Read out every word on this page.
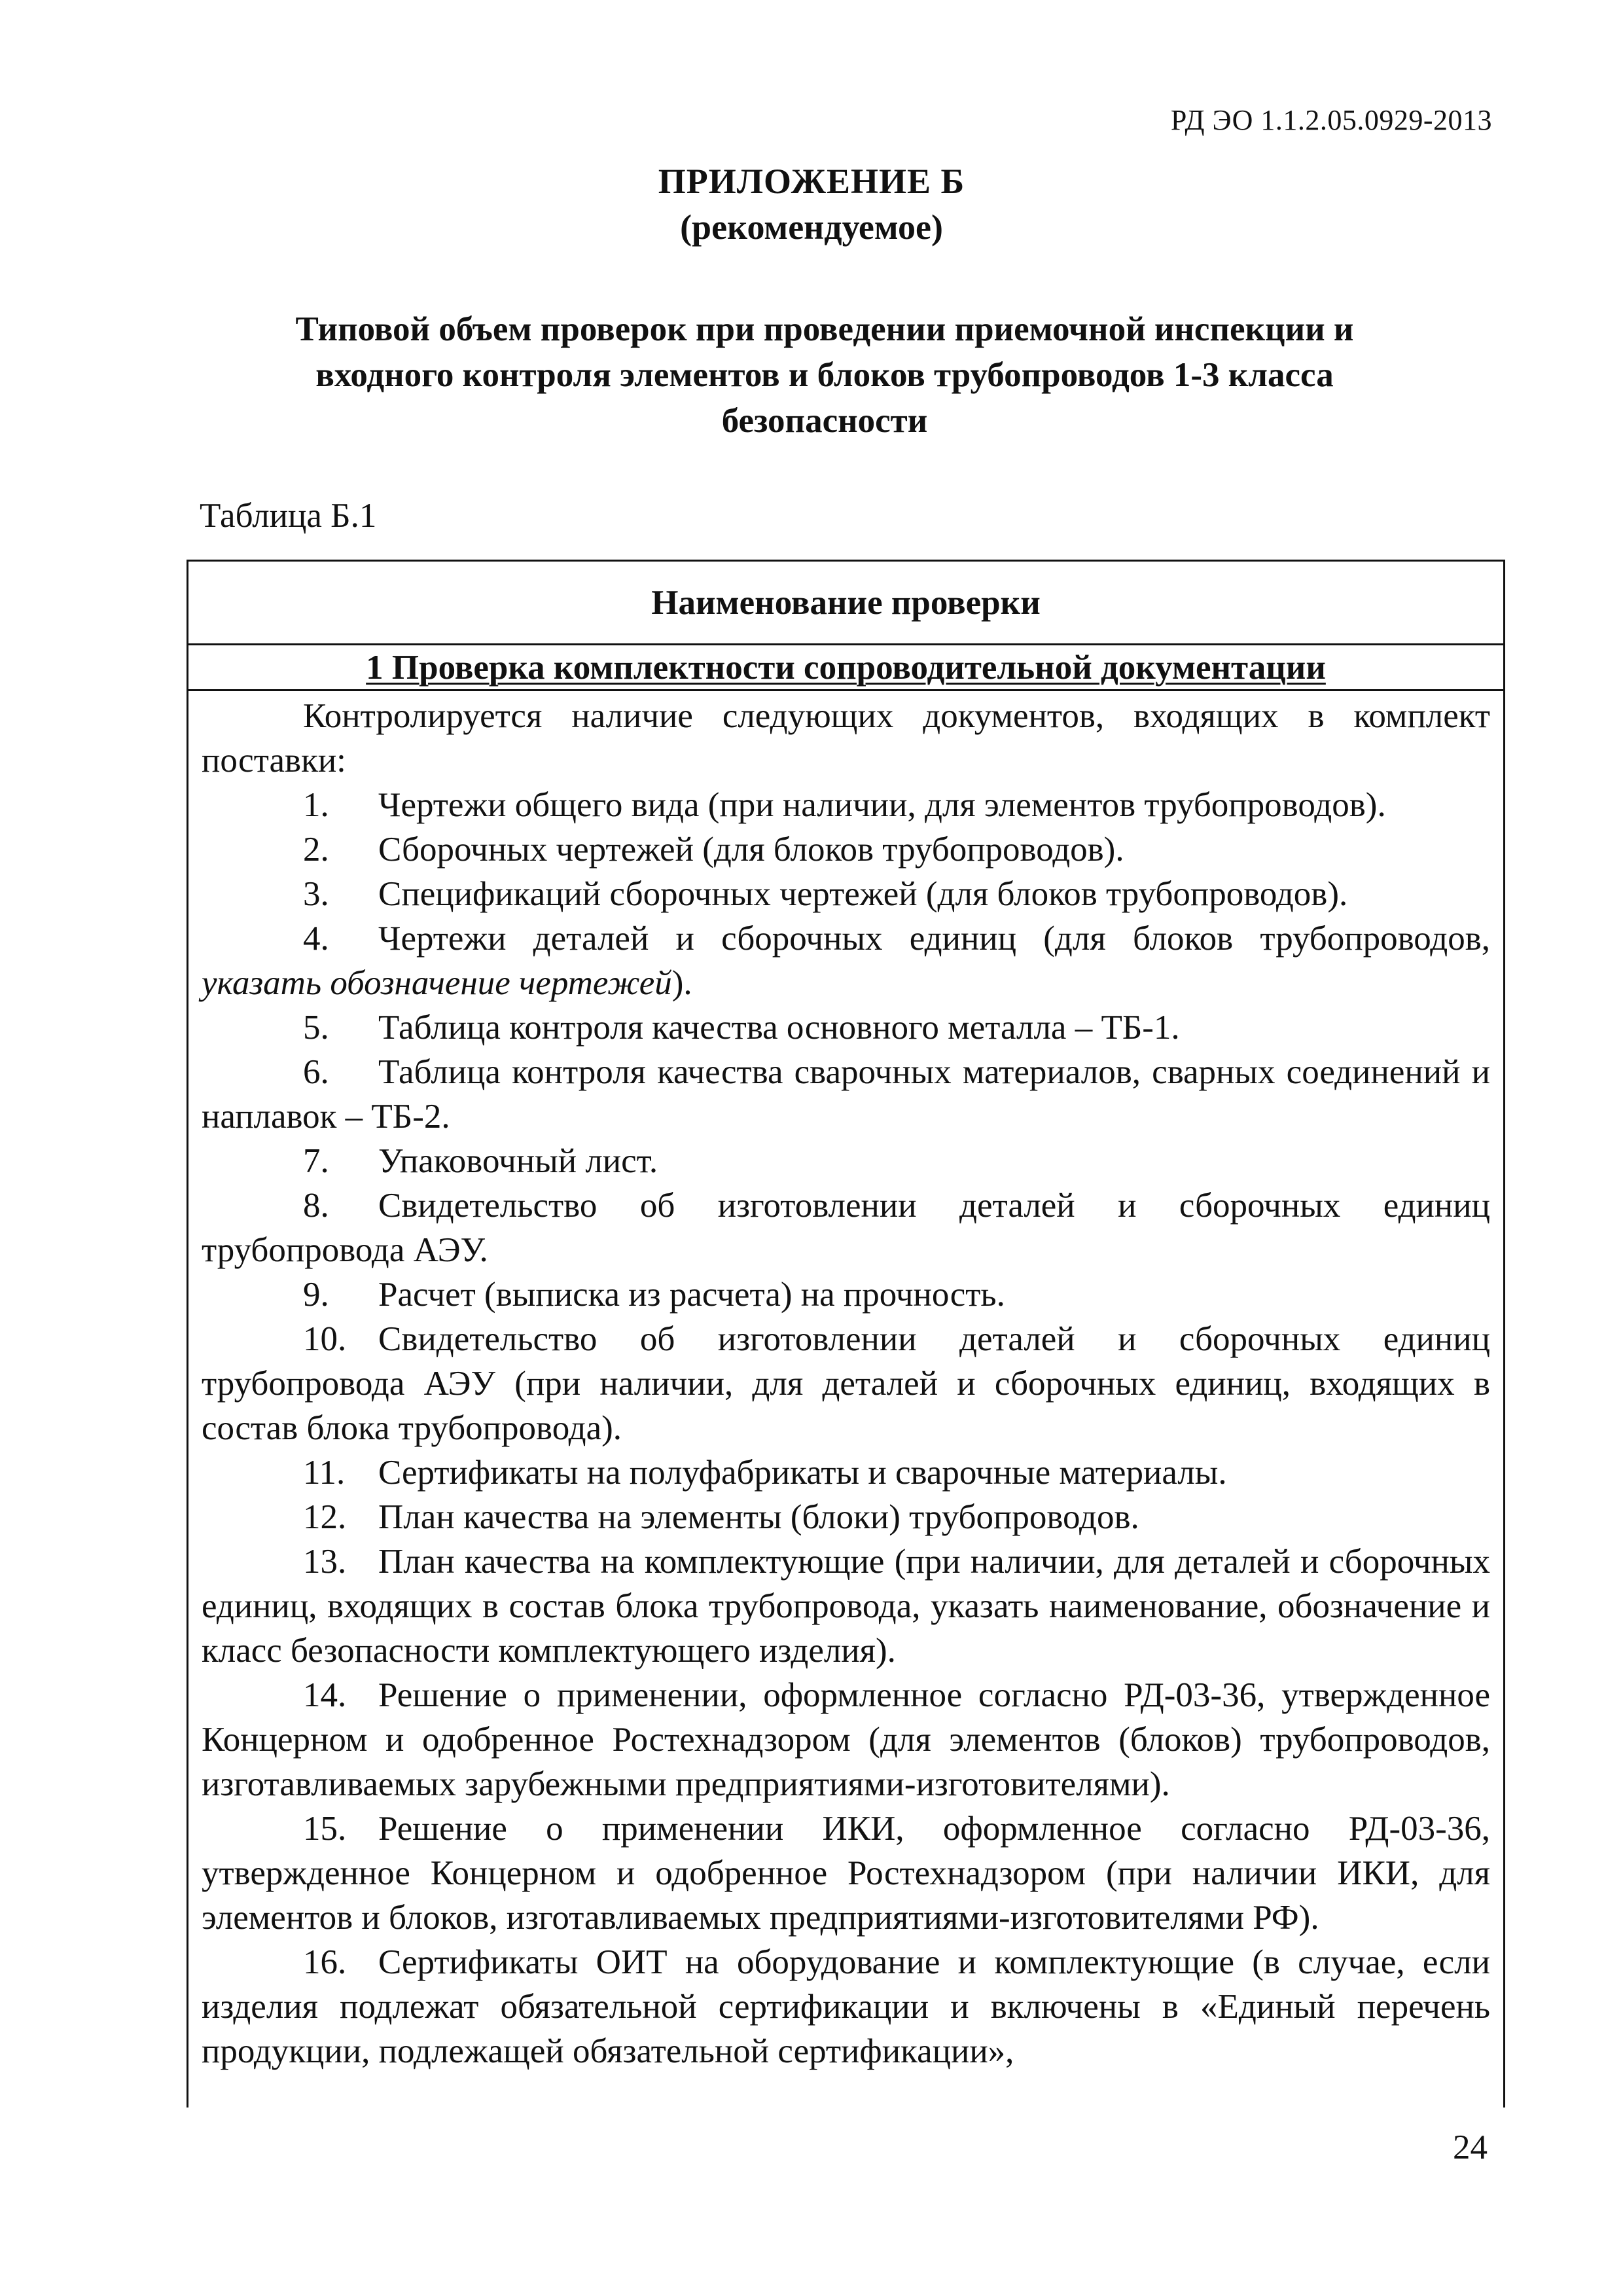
РД ЭО 1.1.2.05.0929-2013
ПРИЛОЖЕНИЕ Б
(рекомендуемое)
Типовой объем проверок при проведении приемочной инспекции и
входного контроля элементов и блоков трубопроводов 1-3 класса
безопасности
Таблица Б.1
Наименование проверки
1 Проверка комплектности сопроводительной документации

Контролируется наличие следующих документов, входящих в комплект поставки:

1. Чертежи общего вида (при наличии, для элементов трубопроводов).

2. Сборочных чертежей (для блоков трубопроводов).

3. Спецификаций сборочных чертежей (для блоков трубопроводов).

4. Чертежи деталей и сборочных единиц (для блоков трубопроводов, указать обозначение чертежей).

5. Таблица контроля качества основного металла – ТБ-1.

6. Таблица контроля качества сварочных материалов, сварных соединений и наплавок – ТБ-2.

7. Упаковочный лист.

8. Свидетельство об изготовлении деталей и сборочных единиц трубопровода АЭУ.

9. Расчет (выписка из расчета) на прочность.

10. Свидетельство об изготовлении деталей и сборочных единиц трубопровода АЭУ (при наличии, для деталей и сборочных единиц, входящих в состав блока трубопровода).

11. Сертификаты на полуфабрикаты и сварочные материалы.

12. План качества на элементы (блоки) трубопроводов.

13. План качества на комплектующие (при наличии, для деталей и сборочных единиц, входящих в состав блока трубопровода, указать наименование, обозначение и класс безопасности комплектующего изделия).

14. Решение о применении, оформленное согласно РД-03-36, утвержденное Концерном и одобренное Ростехнадзором (для элементов (блоков) трубопроводов, изготавливаемых зарубежными предприятиями-изготовителями).

15. Решение о применении ИКИ, оформленное согласно РД-03-36, утвержденное Концерном и одобренное Ростехнадзором (при наличии ИКИ, для элементов и блоков, изготавливаемых предприятиями-изготовителями РФ).

16. Сертификаты ОИТ на оборудование и комплектующие (в случае, если изделия подлежат обязательной сертификации и включены в «Единый перечень продукции, подлежащей обязательной сертификации»,

24
